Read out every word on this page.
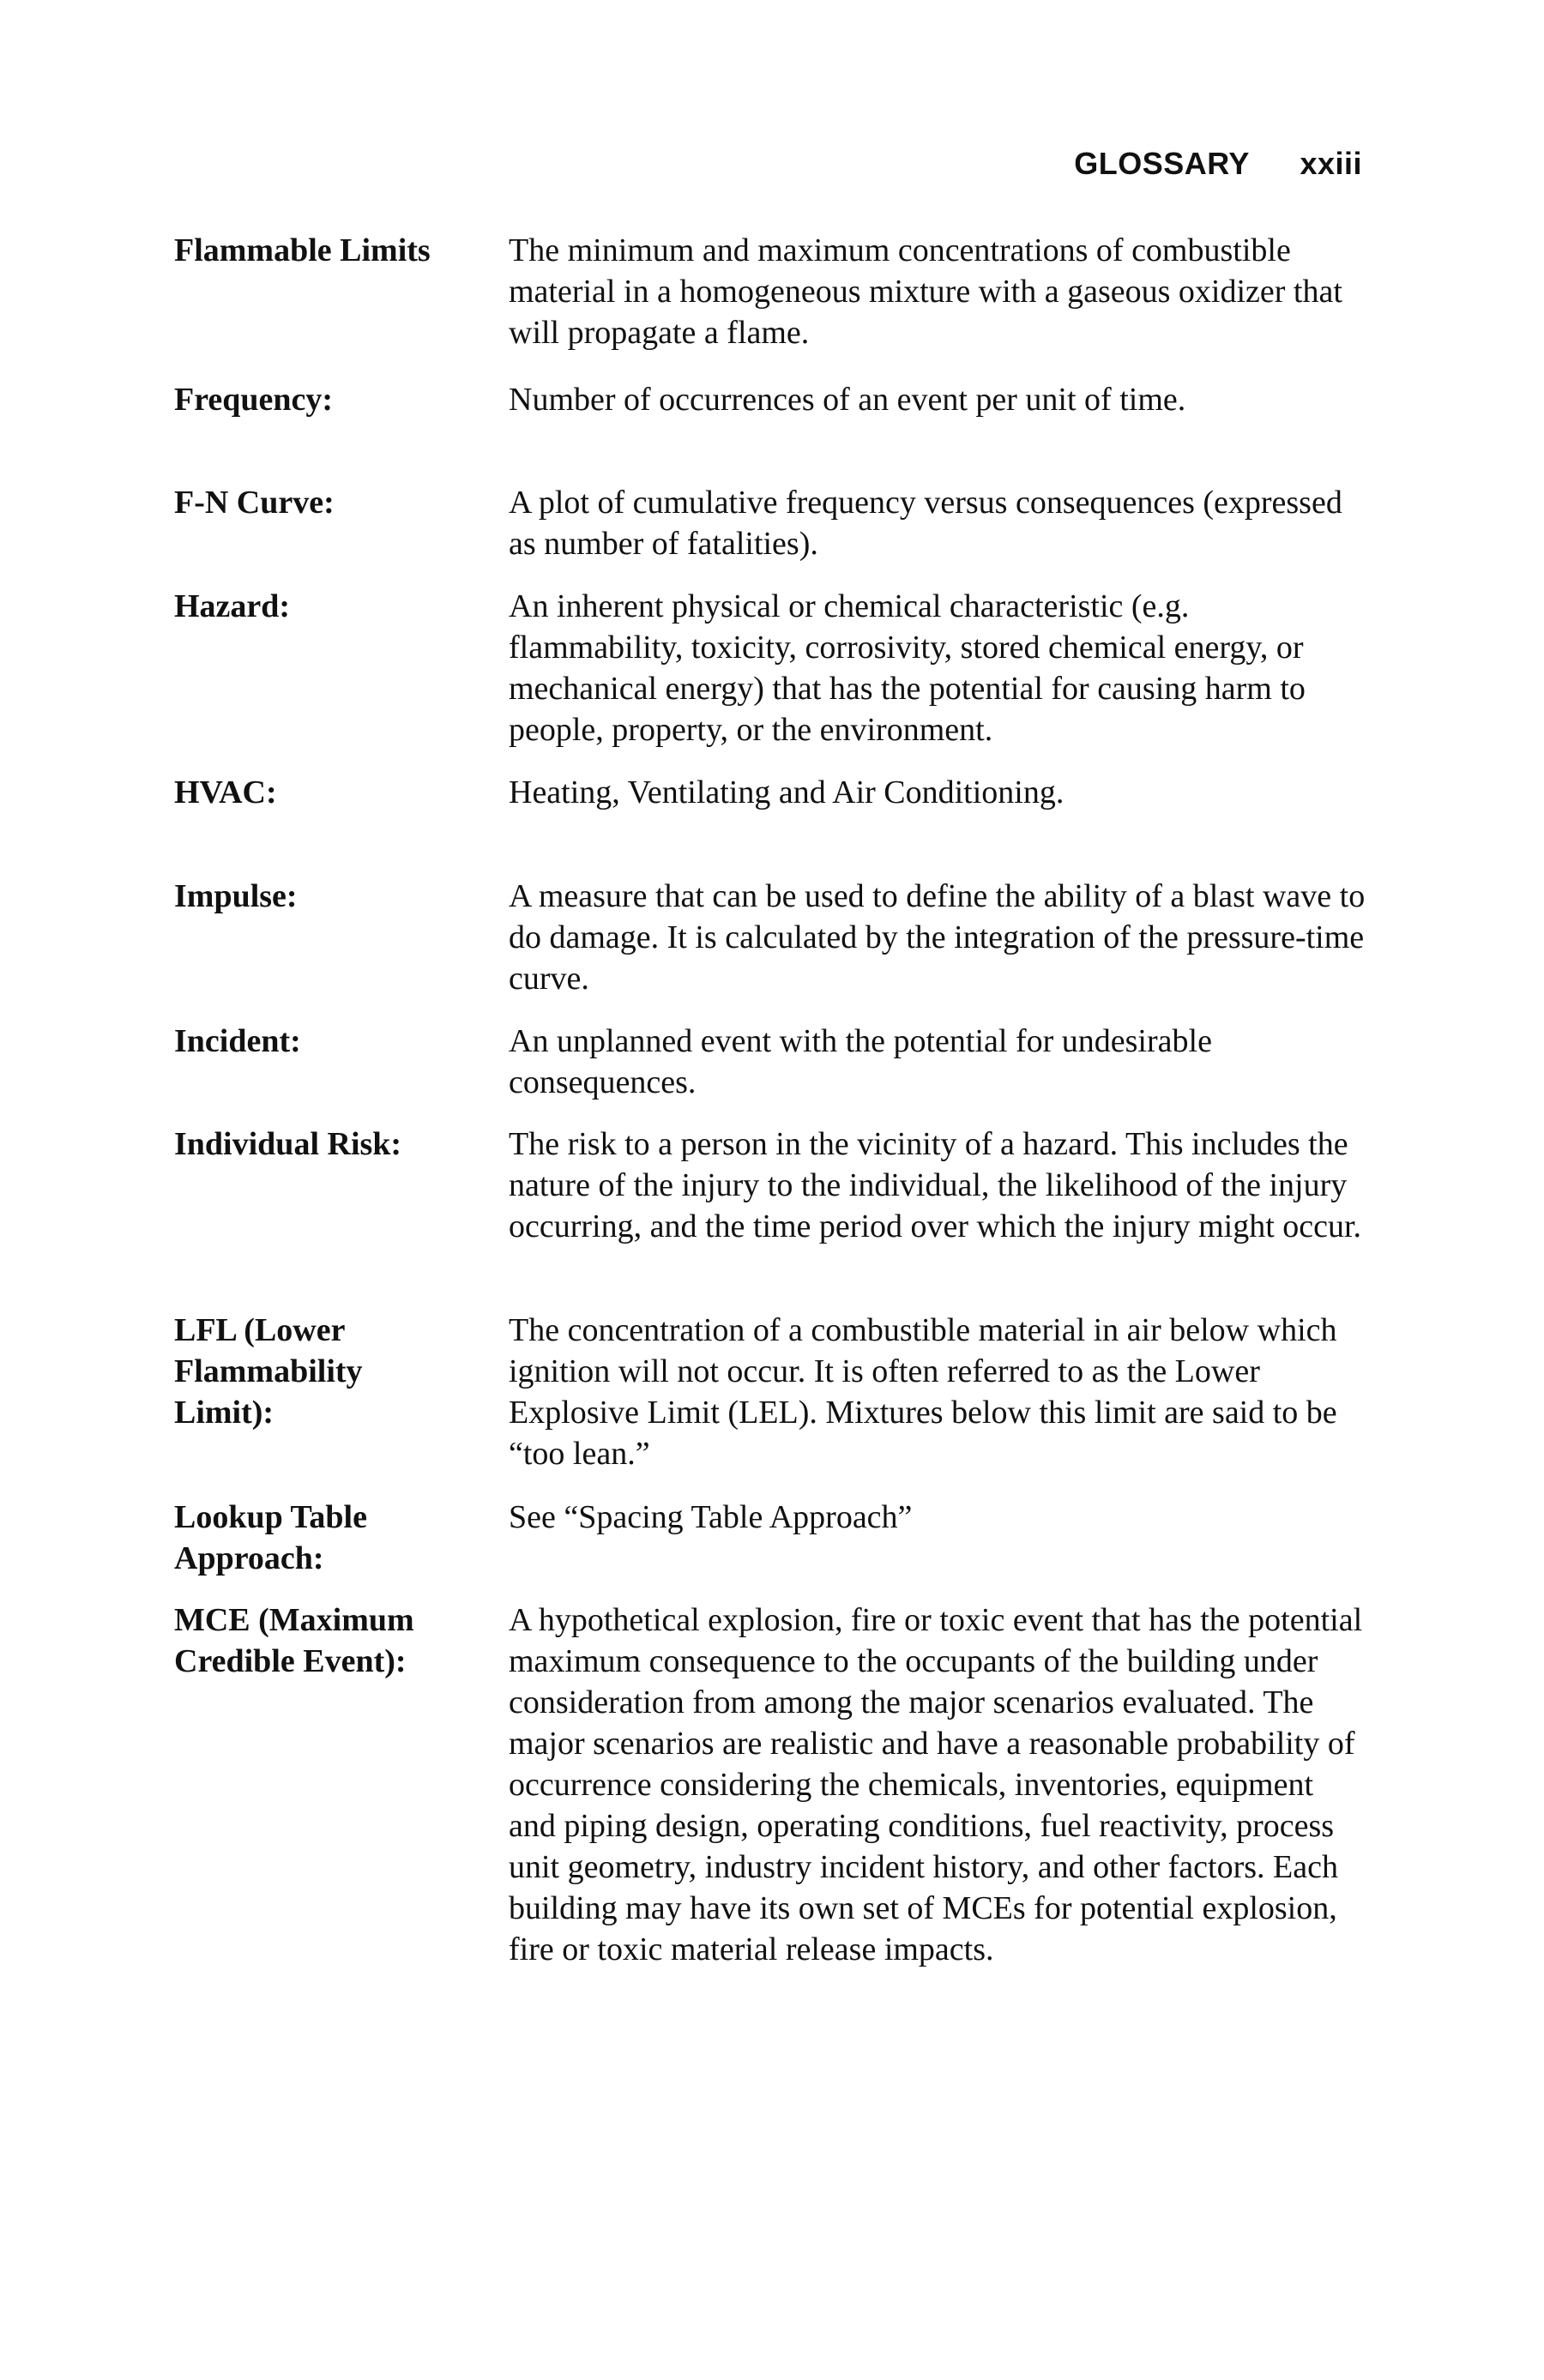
GLOSSARY xxiii
Flammable Limits	The minimum and maximum concentrations of combustible material in a homogeneous mixture with a gaseous oxidizer that will propagate a flame.
Frequency:	Number of occurrences of an event per unit of time.
F-N Curve:	A plot of cumulative frequency versus consequences (expressed as number of fatalities).
Hazard:	An inherent physical or chemical characteristic (e.g. flammability, toxicity, corrosivity, stored chemical energy, or mechanical energy) that has the potential for causing harm to people, property, or the environment.
HVAC:	Heating, Ventilating and Air Conditioning.
Impulse:	A measure that can be used to define the ability of a blast wave to do damage. It is calculated by the integration of the pressure-time curve.
Incident:	An unplanned event with the potential for undesirable consequences.
Individual Risk:	The risk to a person in the vicinity of a hazard. This includes the nature of the injury to the individual, the likelihood of the injury occurring, and the time period over which the injury might occur.
LFL (Lower Flammability Limit):
The concentration of a combustible material in air below which ignition will not occur. It is often referred to as the Lower Explosive Limit (LEL). Mixtures below this limit are said to be “too lean.”
Lookup Table Approach:
See “Spacing Table Approach”
MCE (Maximum Credible Event):
A hypothetical explosion, fire or toxic event that has the potential maximum consequence to the occupants of the building under consideration from among the major scenarios evaluated. The major scenarios are realistic and have a reasonable probability of occurrence considering the chemicals, inventories, equipment and piping design, operating conditions, fuel reactivity, process unit geometry, industry incident history, and other factors. Each building may have its own set of MCEs for potential explosion, fire or toxic material release impacts.
